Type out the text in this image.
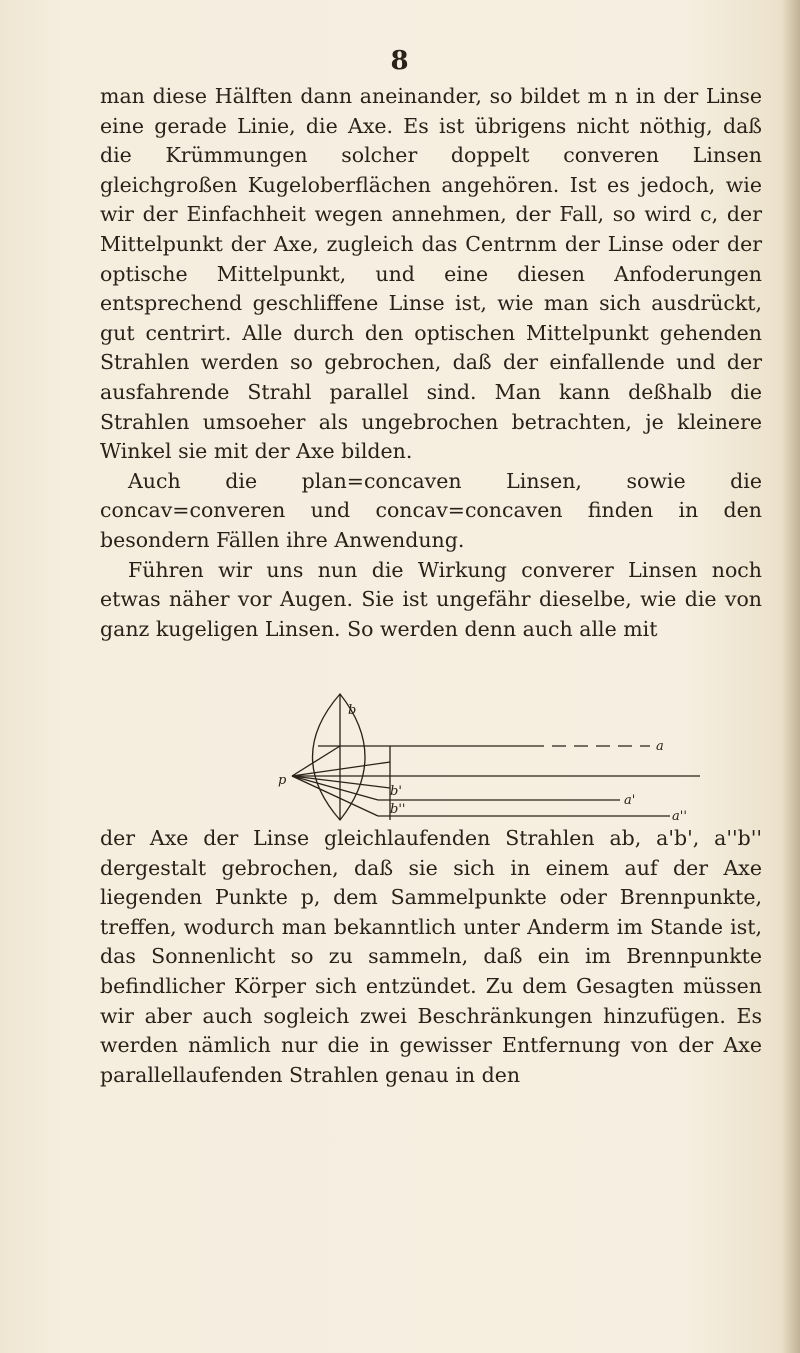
8

man diese Hälften dann aneinander, so bildet m n in der Linse eine gerade Linie, die Axe. Es ist übrigens nicht nöthig, daß die Krümmungen solcher doppelt converen Linsen gleichgroßen Kugeloberflächen angehören. Ist es jedoch, wie wir der Einfachheit wegen annehmen, der Fall, so wird c, der Mittelpunkt der Axe, zugleich das Centrnm der Linse oder der optische Mittelpunkt, und eine diesen Anfoderungen entsprechend geschliffene Linse ist, wie man sich ausdrückt, gut centrirt. Alle durch den optischen Mittelpunkt gehenden Strahlen werden so gebrochen, daß der einfallende und der ausfahrende Strahl parallel sind. Man kann deßhalb die Strahlen umsoeher als ungebrochen betrachten, je kleinere Winkel sie mit der Axe bilden.

Auch die plan=concaven Linsen, sowie die concav=converen und concav=concaven finden in den besondern Fällen ihre Anwendung.

Führen wir uns nun die Wirkung converer Linsen noch etwas näher vor Augen. Sie ist ungefähr dieselbe, wie die von ganz kugeligen Linsen. So werden denn auch alle mit

b
a
p
b'
a'
b''	a''

der Axe der Linse gleichlaufenden Strahlen ab, a'b', a''b'' dergestalt gebrochen, daß sie sich in einem auf der Axe liegenden Punkte p, dem Sammelpunkte oder Brennpunkte, treffen, wodurch man bekanntlich unter Anderm im Stande ist, das Sonnenlicht so zu sammeln, daß ein im Brennpunkte befindlicher Körper sich entzündet. Zu dem Gesagten müssen wir aber auch sogleich zwei Beschränkungen hinzufügen. Es werden nämlich nur die in gewisser Entfernung von der Axe parallellaufenden Strahlen genau in den
